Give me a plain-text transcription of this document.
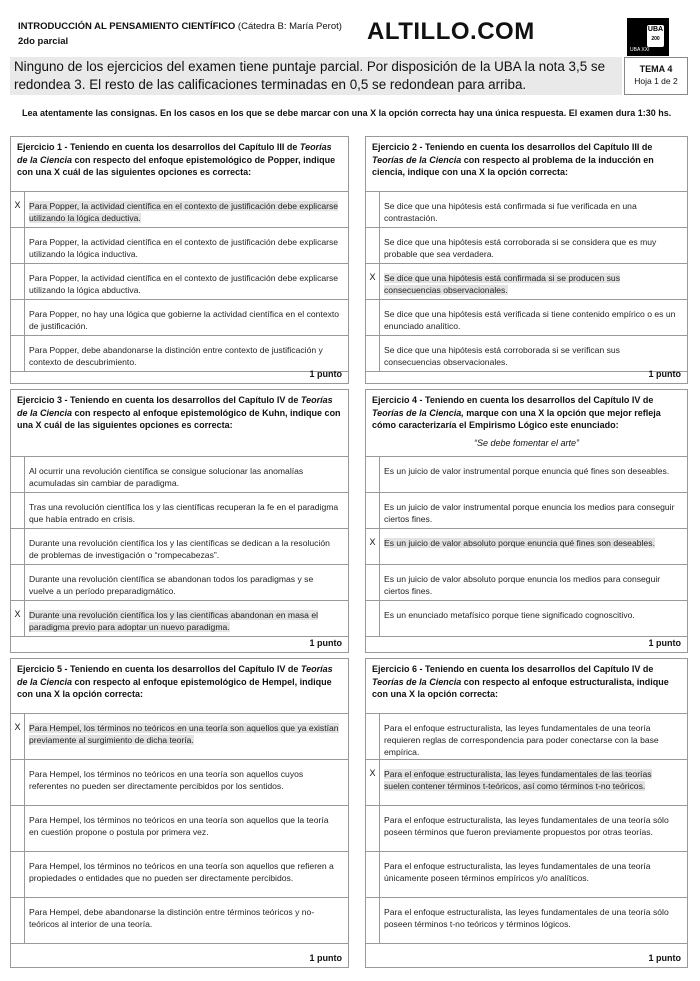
INTRODUCCIÓN AL PENSAMIENTO CIENTÍFICO (Cátedra B: María Perot)
2do parcial	ALTILLO.COM	UBA
200
UBA XXI
Ninguno de los ejercicios del examen tiene puntaje parcial. Por disposición de la UBA la nota 3,5 se redondea 3. El resto de las calificaciones terminadas en 0,5 se redondean para arriba.
TEMA 4
Hoja 1 de 2
Lea atentamente las consignas. En los casos en los que se debe marcar con una X la opción correcta hay una única respuesta. El examen dura 1:30 hs.
Ejercicio 1 - Teniendo en cuenta los desarrollos del Capítulo III de Teorías de la Ciencia con respecto del enfoque epistemológico de Popper, indique con una X cuál de las siguientes opciones es correcta:
X Para Popper, la actividad científica en el contexto de justificación debe explicarse utilizando la lógica deductiva.
Para Popper, la actividad científica en el contexto de justificación debe explicarse utilizando la lógica inductiva.
Para Popper, la actividad científica en el contexto de justificación debe explicarse utilizando la lógica abductiva.
Para Popper, no hay una lógica que gobierne la actividad científica en el contexto de justificación.
Para Popper, debe abandonarse la distinción entre contexto de justificación y contexto de descubrimiento.
1 punto
Ejercicio 2 - Teniendo en cuenta los desarrollos del Capítulo III de Teorías de la Ciencia con respecto al problema de la inducción en ciencia, indique con una X la opción correcta:
Se dice que una hipótesis está confirmada si fue verificada en una contrastación.
Se dice que una hipótesis está corroborada si se considera que es muy probable que sea verdadera.
X Se dice que una hipótesis está confirmada si se producen sus consecuencias observacionales.
Se dice que una hipótesis está verificada si tiene contenido empírico o es un enunciado analítico.
Se dice que una hipótesis está corroborada si se verifican sus consecuencias observacionales.
1 punto
Ejercicio 3 - Teniendo en cuenta los desarrollos del Capítulo IV de Teorías de la Ciencia con respecto al enfoque epistemológico de Kuhn, indique con una X cuál de las siguientes opciones es correcta:
Al ocurrir una revolución científica se consigue solucionar las anomalías acumuladas sin cambiar de paradigma.
Tras una revolución científica los y las científicas recuperan la fe en el paradigma que había entrado en crisis.
Durante una revolución científica los y las científicas se dedican a la resolución de problemas de investigación o “rompecabezas”.
Durante una revolución científica se abandonan todos los paradigmas y se vuelve a un período preparadigmático.
X Durante una revolución científica los y las científicas abandonan en masa el paradigma previo para adoptar un nuevo paradigma.
1 punto
Ejercicio 4 - Teniendo en cuenta los desarrollos del Capítulo IV de Teorías de la Ciencia, marque con una X la opción que mejor refleja cómo caracterizaría el Empirismo Lógico este enunciado:
“Se debe fomentar el arte”
Es un juicio de valor instrumental porque enuncia qué fines son deseables.
Es un juicio de valor instrumental porque enuncia los medios para conseguir ciertos fines.
X Es un juicio de valor absoluto porque enuncia qué fines son deseables.
Es un juicio de valor absoluto porque enuncia los medios para conseguir ciertos fines.
Es un enunciado metafísico porque tiene significado cognoscitivo.
1 punto
Ejercicio 5 - Teniendo en cuenta los desarrollos del Capítulo IV de Teorías de la Ciencia con respecto al enfoque epistemológico de Hempel, indique con una X la opción correcta:
X Para Hempel, los términos no teóricos en una teoría son aquellos que ya existían previamente al surgimiento de dicha teoría.
Para Hempel, los términos no teóricos en una teoría son aquellos cuyos referentes no pueden ser directamente percibidos por los sentidos.
Para Hempel, los términos no teóricos en una teoría son aquellos que la teoría en cuestión propone o postula por primera vez.
Para Hempel, los términos no teóricos en una teoría son aquellos que refieren a propiedades o entidades que no pueden ser directamente percibidos.
Para Hempel, debe abandonarse la distinción entre términos teóricos y no-teóricos al interior de una teoría.
1 punto
Ejercicio 6 - Teniendo en cuenta los desarrollos del Capítulo IV de Teorías de la Ciencia con respecto al enfoque estructuralista, indique con una X la opción correcta:
Para el enfoque estructuralista, las leyes fundamentales de una teoría requieren reglas de correspondencia para poder conectarse con la base empírica.
X Para el enfoque estructuralista, las leyes fundamentales de las teorías suelen contener términos t-teóricos, así como términos t-no teóricos.
Para el enfoque estructuralista, las leyes fundamentales de una teoría sólo poseen términos que fueron previamente propuestos por otras teorías.
Para el enfoque estructuralista, las leyes fundamentales de una teoría únicamente poseen términos empíricos y/o analíticos.
Para el enfoque estructuralista, las leyes fundamentales de una teoría sólo poseen términos t-no teóricos y términos lógicos.
1 punto
